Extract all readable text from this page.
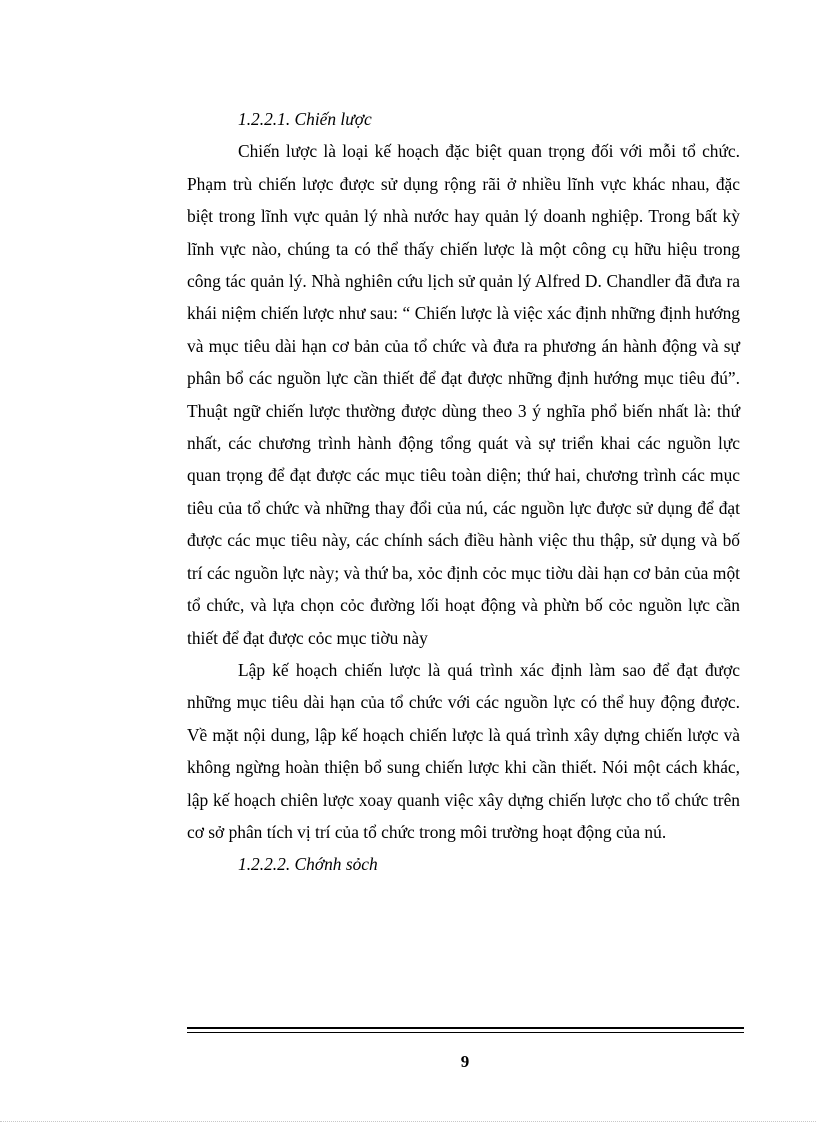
1.2.2.1. Chiến lược

Chiến lược là loại kế hoạch đặc biệt quan trọng đối với mỗi tổ chức. Phạm trù chiến lược được sử dụng rộng rãi ở nhiều lĩnh vực khác nhau, đặc biệt trong lĩnh vực quản lý nhà nước hay quản lý doanh nghiệp. Trong bất kỳ lĩnh vực nào, chúng ta có thể thấy chiến lược là một công cụ hữu hiệu trong công tác quản lý. Nhà nghiên cứu lịch sử quản lý Alfred D. Chandler đã đưa ra khái niệm chiến lược như sau: “ Chiến lược là việc xác định những định hướng và mục tiêu dài hạn cơ bản của tổ chức và đưa ra phương án hành động và sự phân bổ các nguồn lực cần thiết để đạt được những định hướng mục tiêu đú”. Thuật ngữ chiến lược thường được dùng theo 3 ý nghĩa phổ biến nhất là: thứ nhất, các chương trình hành động tổng quát và sự triển khai các nguồn lực quan trọng để đạt được các mục tiêu toàn diện; thứ hai, chương trình các mục tiêu của tổ chức và những thay đổi của nú, các nguồn lực được sử dụng để đạt được các mục tiêu này, các chính sách điều hành việc thu thập, sử dụng và bố trí các nguồn lực này; và thứ ba, xỏc định cỏc mục tiờu dài hạn cơ bản của một tổ chức, và lựa chọn cỏc đường lối hoạt động và phừn bố cỏc nguồn lực cần thiết để đạt được cỏc mục tiờu này

Lập kế hoạch chiến lược là quá trình xác định làm sao để đạt được những mục tiêu dài hạn của tổ chức với các nguồn lực có thể huy động được. Về mặt nội dung, lập kế hoạch chiến lược là quá trình xây dựng chiến lược và không ngừng hoàn thiện bổ sung chiến lược khi cần thiết. Nói một cách khác, lập kế hoạch chiên lược xoay quanh việc xây dựng chiến lược cho tổ chức trên cơ sở phân tích vị trí của tổ chức trong môi trường hoạt động của nú.

1.2.2.2. Chớnh sỏch

9
